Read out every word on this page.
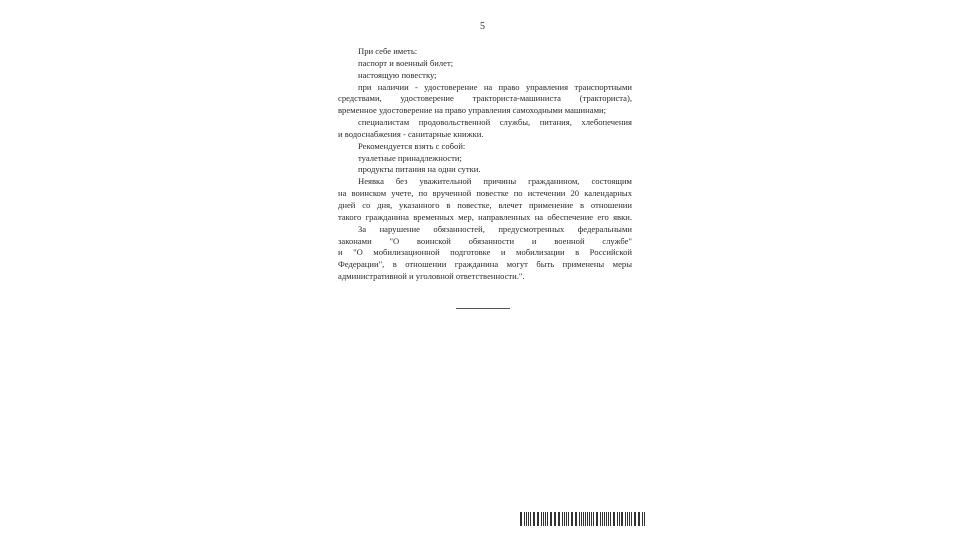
5
При себе иметь:
паспорт и военный билет;
настоящую повестку;
при наличии - удостоверение на право управления транспортными
средствами, удостоверение тракториста-машиниста (тракториста),
временное удостоверение на право управления самоходными машинами;
специалистам продовольственной службы, питания, хлебопечения
и водоснабжения - санитарные книжки.
Рекомендуется взять с собой:
туалетные принадлежности;
продукты питания на одни сутки.
Неявка без уважительной причины гражданином, состоящим
на воинском учете, по врученной повестке по истечении 20 календарных
дней со дня, указанного в повестке, влечет применение в отношении
такого гражданина временных мер, направленных на обеспечение его явки.
За нарушение обязанностей, предусмотренных федеральными
законами "О воинской обязанности и военной службе"
и "О мобилизационной подготовке и мобилизации в Российской
Федерации", в отношении гражданина могут быть применены меры
административной и уголовной ответственности.".
